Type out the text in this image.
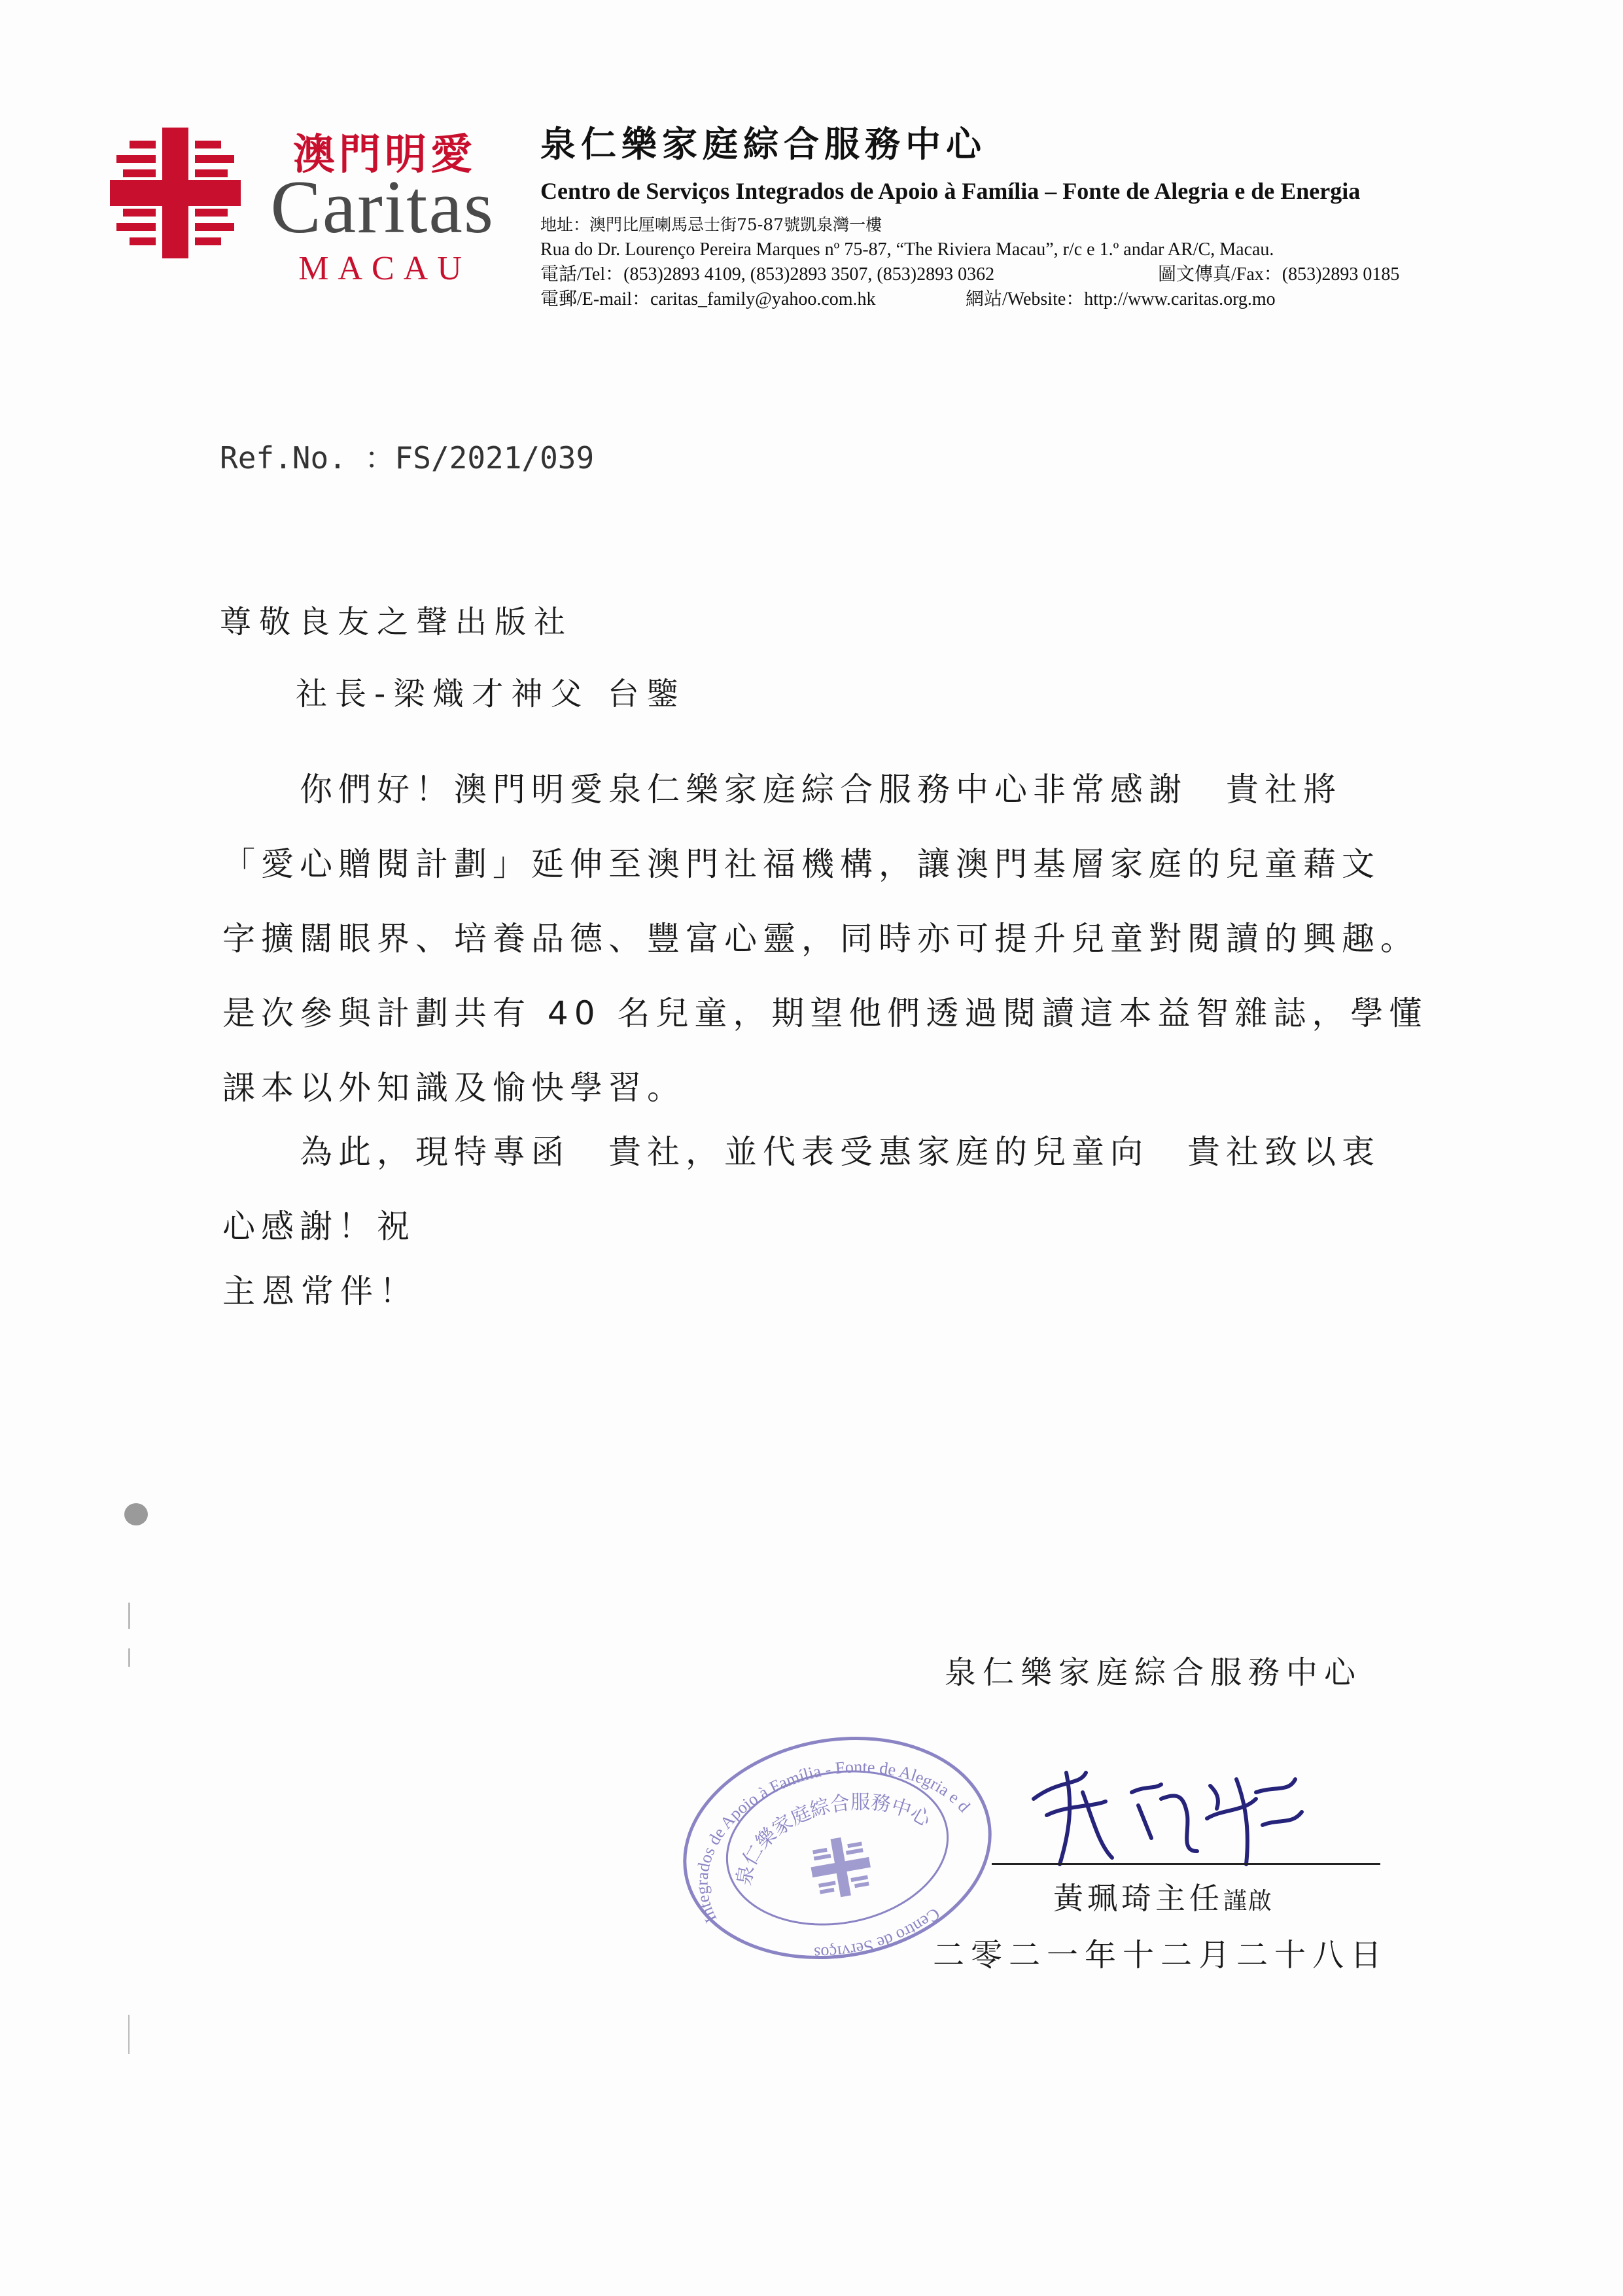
澳門明愛
Caritas
MACAU
泉仁樂家庭綜合服務中心
Centro de Serviços Integrados de Apoio à Família – Fonte de Alegria e de Energia
地址：澳門比厘喇馬忌士街75-87號凱泉灣一樓
Rua do Dr. Lourenço Pereira Marques nº 75-87, “The Riviera Macau”, r/c e 1.º andar AR/C, Macau.
電話/Tel：(853)2893 4109, (853)2893 3507, (853)2893 0362	圖文傳真/Fax：(853)2893 0185
電郵/E-mail：caritas_family@yahoo.com.hk	網站/Website：http://www.caritas.org.mo
Ref.No. ：FS/2021/039
尊敬良友之聲出版社
社長-梁熾才神父 台鑒
　　你們好！澳門明愛泉仁樂家庭綜合服務中心非常感謝　貴社將
「愛心贈閱計劃」延伸至澳門社福機構，讓澳門基層家庭的兒童藉文
字擴闊眼界、培養品德、豐富心靈，同時亦可提升兒童對閱讀的興趣。
是次參與計劃共有 40 名兒童，期望他們透過閱讀這本益智雜誌，學懂
課本以外知識及愉快學習。
　　為此，現特專函　貴社，並代表受惠家庭的兒童向　貴社致以衷
心感謝！祝
主恩常伴！
泉仁樂家庭綜合服務中心
Integrados de Apoio à Família - Fonte de Alegria e de
泉仁樂家庭綜合服務中心
Centro de Serviços
黃珮琦主任謹啟
二零二一年十二月二十八日
